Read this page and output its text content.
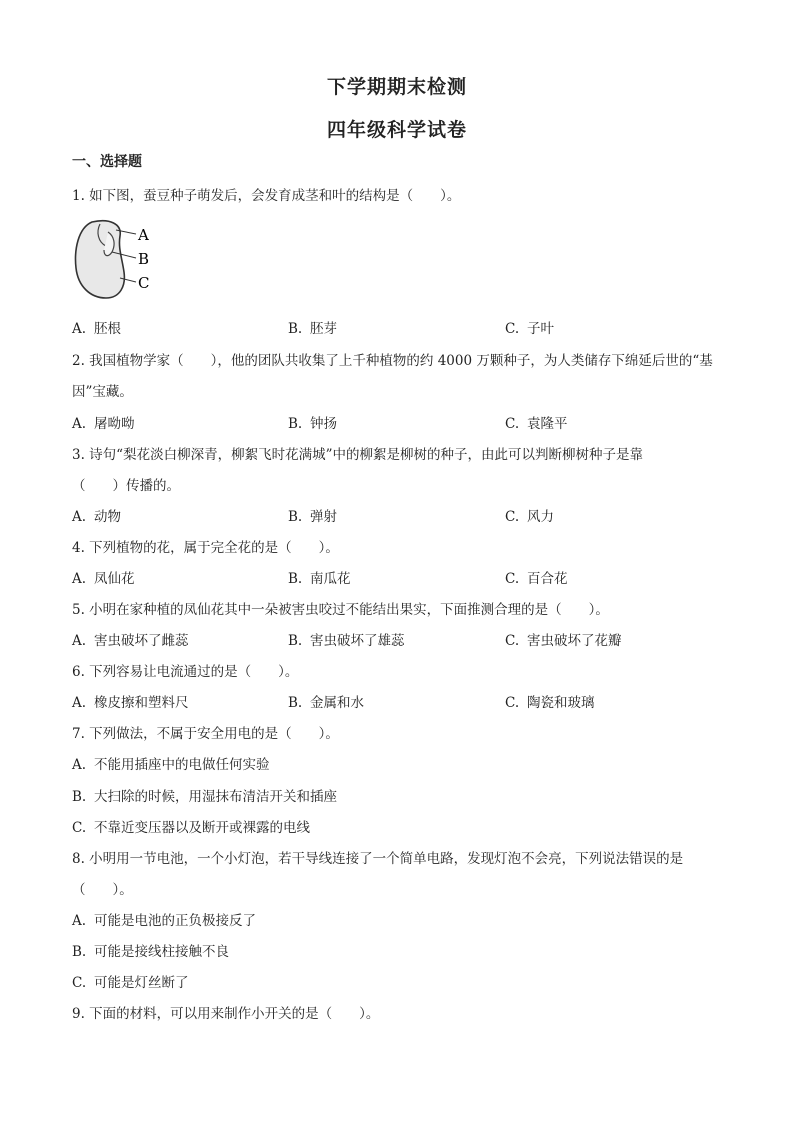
下学期期末检测
四年级科学试卷
一、选择题
1. 如下图，蚕豆种子萌发后，会发育成茎和叶的结构是（　　）。
A
B
C
A. 胚根	B. 胚芽	C. 子叶
2. 我国植物学家（　　），他的团队共收集了上千种植物的约 4000 万颗种子，为人类储存下绵延后世的“基
因”宝藏。
A. 屠呦呦	B. 钟扬	C. 袁隆平
3. 诗句“梨花淡白柳深青，柳絮飞时花满城”中的柳絮是柳树的种子，由此可以判断柳树种子是靠
（　　）传播的。
A. 动物	B. 弹射	C. 风力
4. 下列植物的花，属于完全花的是（　　）。
A. 凤仙花	B. 南瓜花	C. 百合花
5. 小明在家种植的凤仙花其中一朵被害虫咬过不能结出果实，下面推测合理的是（　　）。
A. 害虫破坏了雌蕊	B. 害虫破坏了雄蕊	C. 害虫破坏了花瓣
6. 下列容易让电流通过的是（　　）。
A. 橡皮擦和塑料尺	B. 金属和水	C. 陶瓷和玻璃
7. 下列做法，不属于安全用电的是（　　）。
A. 不能用插座中的电做任何实验
B. 大扫除的时候，用湿抹布清洁开关和插座
C. 不靠近变压器以及断开或裸露的电线
8. 小明用一节电池，一个小灯泡，若干导线连接了一个简单电路，发现灯泡不会亮，下列说法错误的是
（　　）。
A. 可能是电池的正负极接反了
B. 可能是接线柱接触不良
C. 可能是灯丝断了
9. 下面的材料，可以用来制作小开关的是（　　）。
